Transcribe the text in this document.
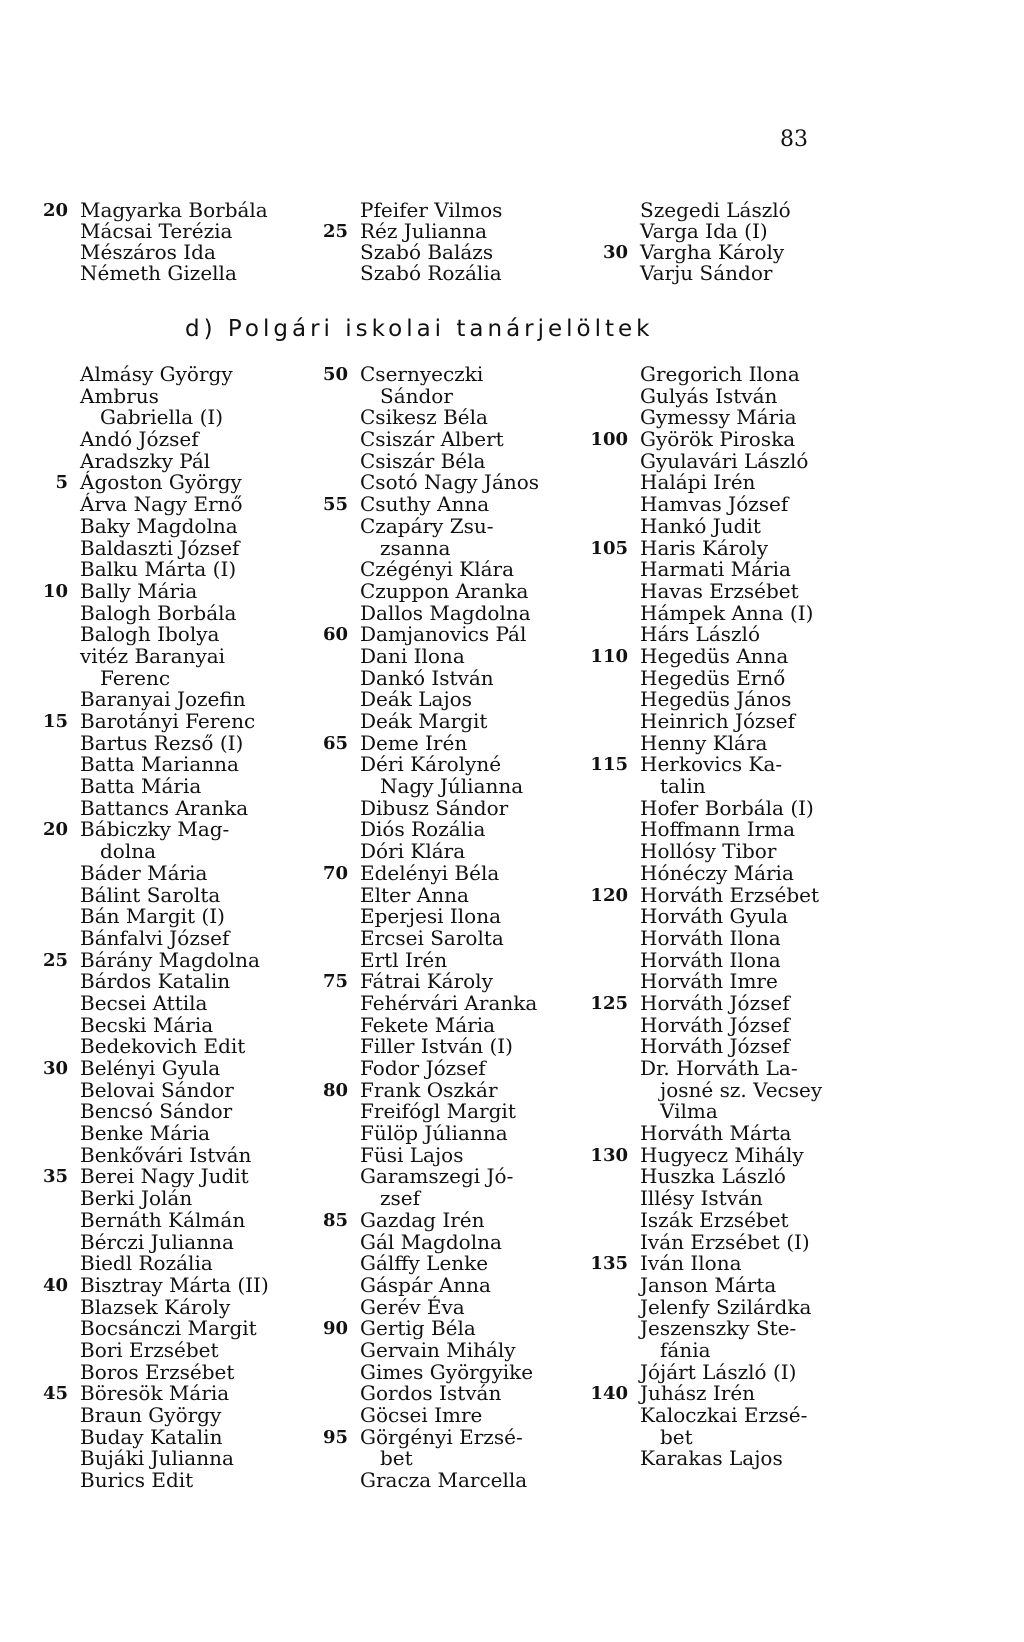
83
20 Magyarka Borbála
Mácsai Terézia
Mészáros Ida
Németh Gizella
Pfeifer Vilmos
25 Réz Julianna
Szabó Balázs
Szabó Rozália
Szegedi László
Varga Ida (I)
30 Vargha Károly
Varju Sándor
d) Polgári iskolai tanárjelöltek
Almásy György
Ambrus
Gabriella (I)
Andó József
Aradszky Pál
5 Ágoston György
Árva Nagy Ernő
Baky Magdolna
Baldaszti József
Balku Márta (I)
10 Bally Mária
Balogh Borbála
Balogh Ibolya
vitéz Baranyai
Ferenc
Baranyai Jozefin
15 Barotányi Ferenc
Bartus Rezső (I)
Batta Marianna
Batta Mária
Battancs Aranka
20 Bábiczky Mag-
dolna
Báder Mária
Bálint Sarolta
Bán Margit (I)
Bánfalvi József
25 Bárány Magdolna
Bárdos Katalin
Becsei Attila
Becski Mária
Bedekovich Edit
30 Belényi Gyula
Belovai Sándor
Bencsó Sándor
Benke Mária
Benkővári István
35 Berei Nagy Judit
Berki Jolán
Bernáth Kálmán
Bérczi Julianna
Biedl Rozália
40 Bisztray Márta (II)
Blazsek Károly
Bocsánczi Margit
Bori Erzsébet
Boros Erzsébet
45 Böresök Mária
Braun György
Buday Katalin
Bujáki Julianna
Burics Edit
50 Csernyeczki
Sándor
Csikesz Béla
Csiszár Albert
Csiszár Béla
Csotó Nagy János
55 Csuthy Anna
Czapáry Zsu-
zsanna
Czégényi Klára
Czuppon Aranka
Dallos Magdolna
60 Damjanovics Pál
Dani Ilona
Dankó István
Deák Lajos
Deák Margit
65 Deme Irén
Déri Károlyné
Nagy Júlianna
Dibusz Sándor
Diós Rozália
Dóri Klára
70 Edelényi Béla
Elter Anna
Eperjesi Ilona
Ercsei Sarolta
Ertl Irén
75 Fátrai Károly
Fehérvári Aranka
Fekete Mária
Filler István (I)
Fodor József
80 Frank Oszkár
Freifógl Margit
Fülöp Júlianna
Füsi Lajos
Garamszegi Jó-
zsef
85 Gazdag Irén
Gál Magdolna
Gálffy Lenke
Gáspár Anna
Gerév Éva
90 Gertig Béla
Gervain Mihály
Gimes Györgyike
Gordos István
Göcsei Imre
95 Görgényi Erzsé-
bet
Gracza Marcella
Gregorich Ilona
Gulyás István
Gymessy Mária
100 Györök Piroska
Gyulavári László
Halápi Irén
Hamvas József
Hankó Judit
105 Haris Károly
Harmati Mária
Havas Erzsébet
Hámpek Anna (I)
Hárs László
110 Hegedüs Anna
Hegedüs Ernő
Hegedüs János
Heinrich József
Henny Klára
115 Herkovics Ka-
talin
Hofer Borbála (I)
Hoffmann Irma
Hollósy Tibor
Hónéczy Mária
120 Horváth Erzsébet
Horváth Gyula
Horváth Ilona
Horváth Ilona
Horváth Imre
125 Horváth József
Horváth József
Horváth József
Dr. Horváth La-
josné sz. Vecsey
Vilma
Horváth Márta
130 Hugyecz Mihály
Huszka László
Illésy István
Iszák Erzsébet
Iván Erzsébet (I)
135 Iván Ilona
Janson Márta
Jelenfy Szilárdka
Jeszenszky Ste-
fánia
Jójárt László (I)
140 Juhász Irén
Kaloczkai Erzsé-
bet
Karakas Lajos
